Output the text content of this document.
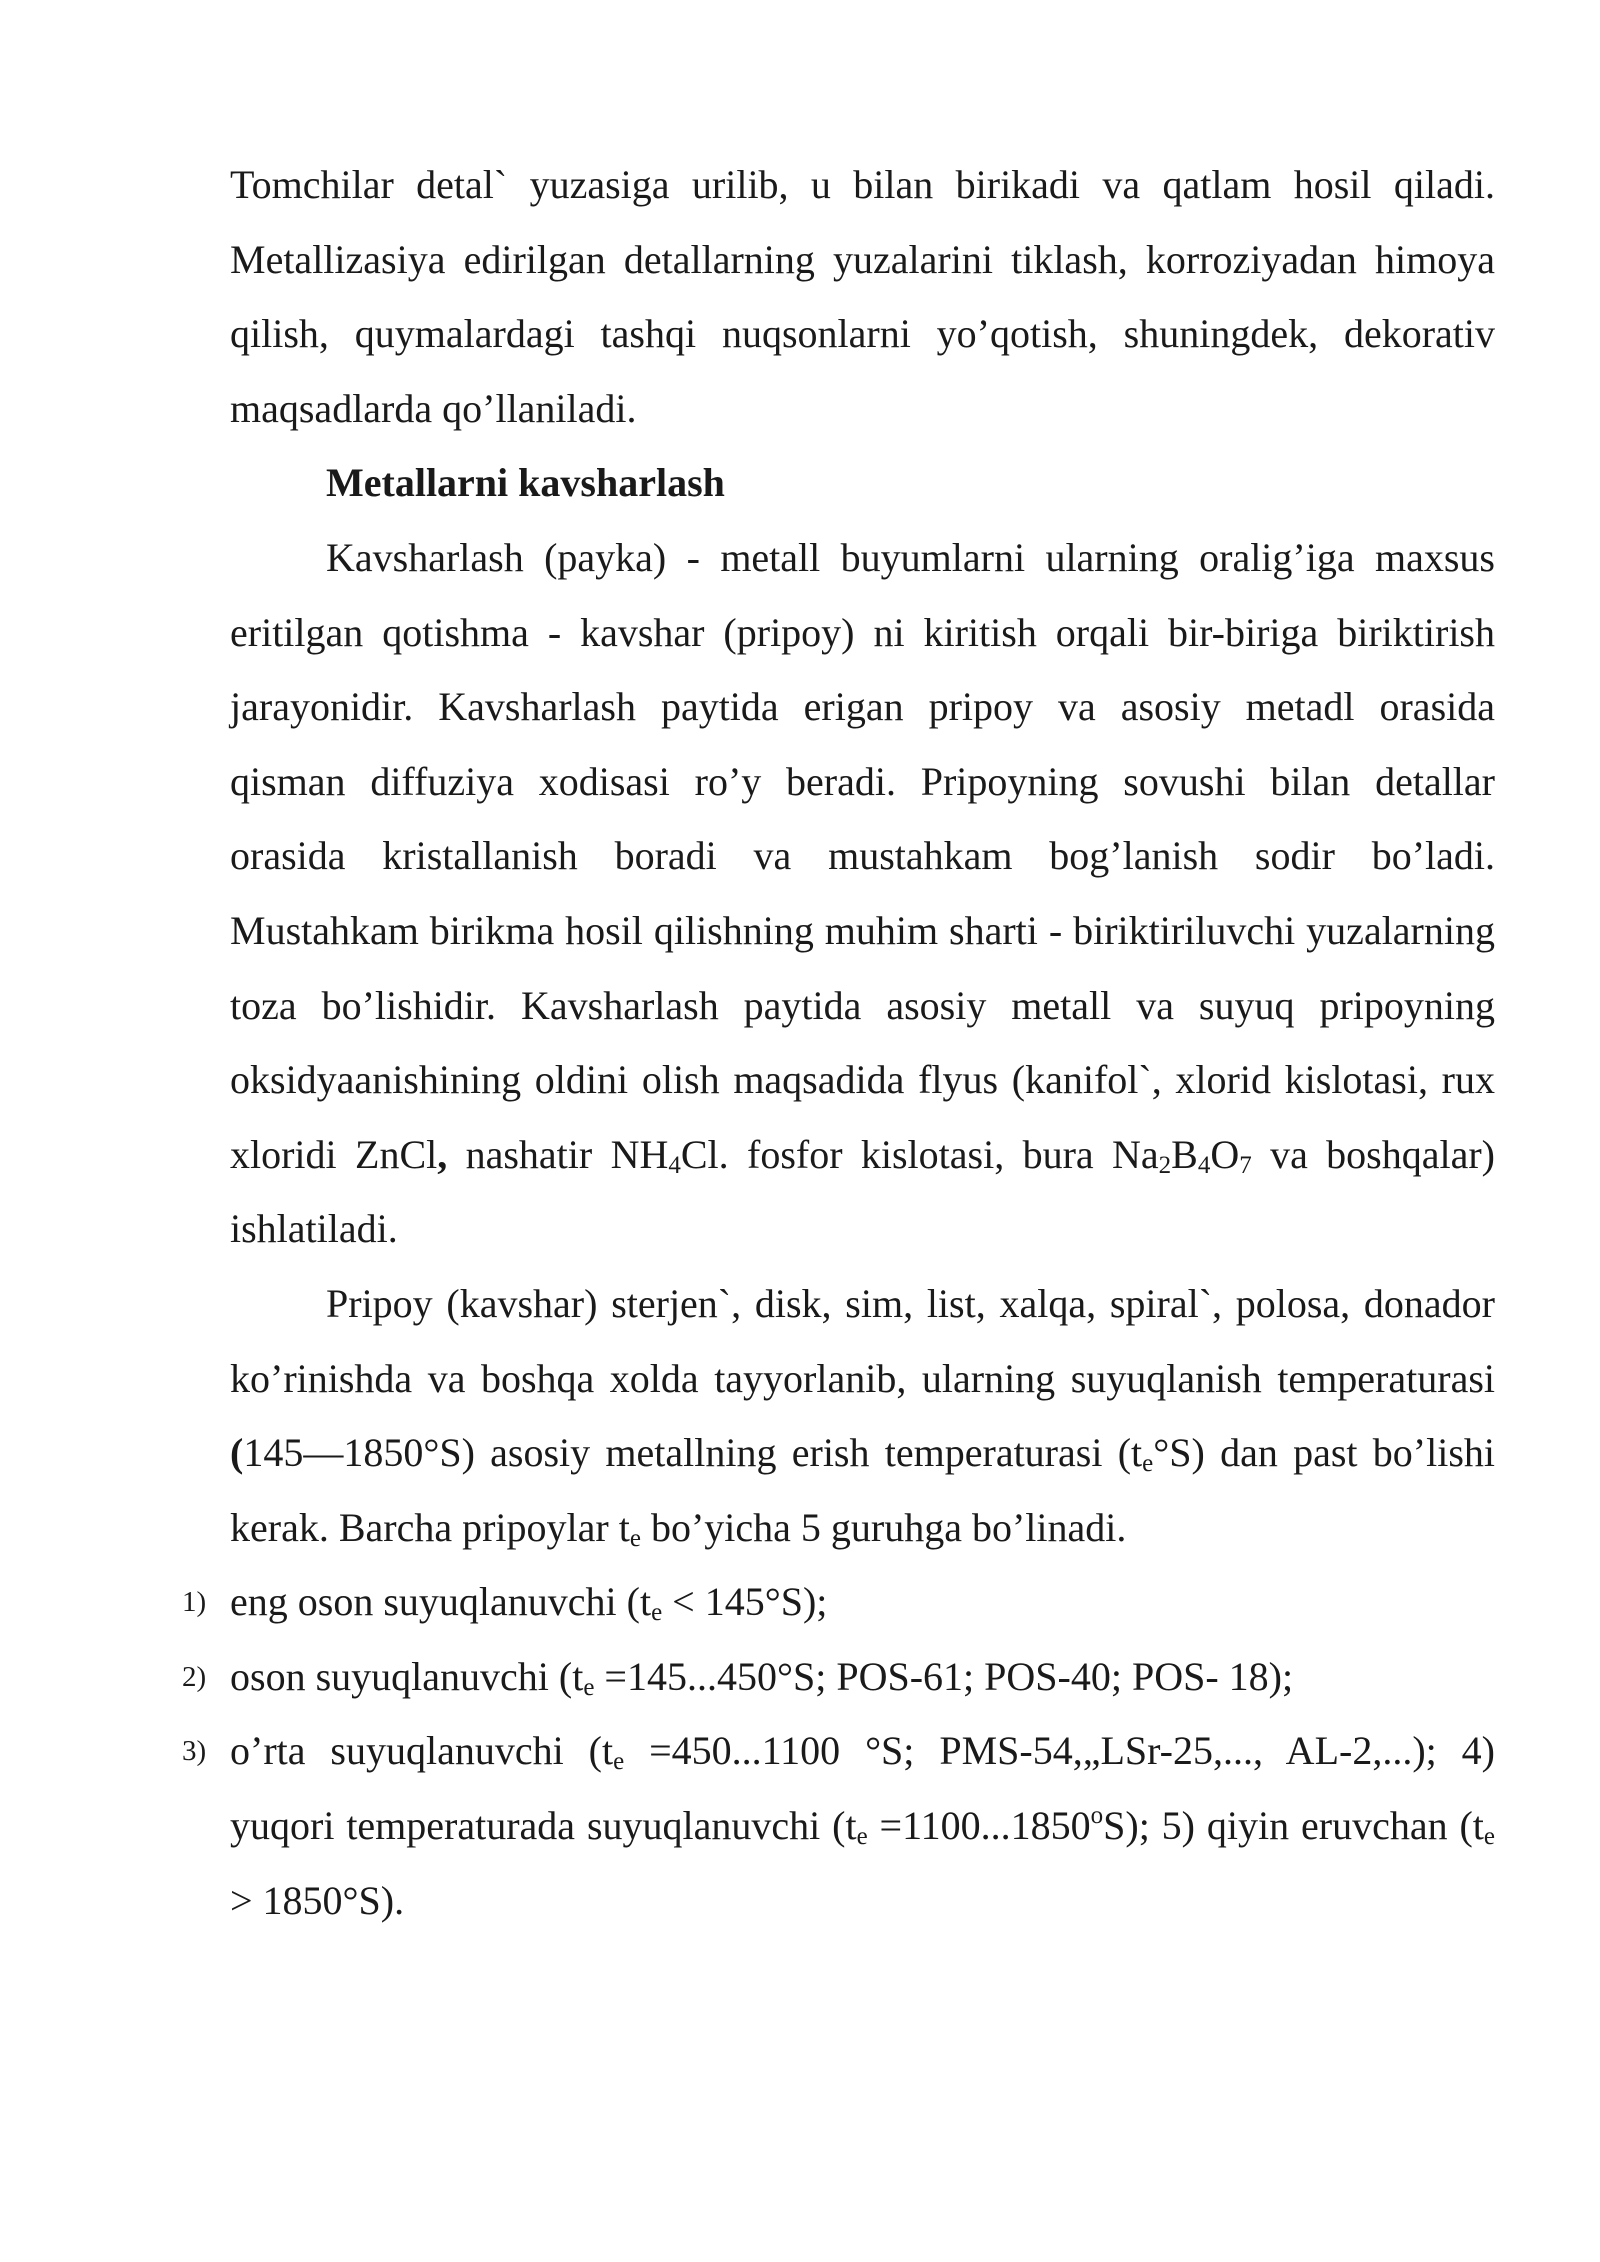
Tomchilar detal` yuzasiga urilib, u bilan birikadi va qatlam hosil qiladi. Metallizasiya edirilgan detallarning yuzalarini tiklash, korroziyadan himoya qilish, quymalardagi tashqi nuqsonlarni yo’qotish, shuningdek, dekorativ maqsadlarda qo’llaniladi.

Metallarni kavsharlash

Kavsharlash (payka) - metall buyumlarni ularning oralig’iga maxsus eritilgan qotishma - kavshar (pripoy) ni kiritish orqali bir-biriga biriktirish jarayonidir. Kavsharlash paytida erigan pripoy va asosiy metadl orasida qisman diffuziya xodisasi ro’y beradi. Pripoyning sovushi bilan detallar orasida kristallanish boradi va mustahkam bog’lanish sodir bo’ladi. Mustahkam birikma hosil qilishning muhim sharti - biriktiriluvchi yuzalarning toza bo’lishidir. Kavsharlash paytida asosiy metall va suyuq pripoyning oksidyaanishining oldini olish maqsadida flyus (kanifol`, xlorid kislotasi, rux xloridi ZnCl, nashatir $NH_4Cl$. fosfor kislotasi, bura $Na_2B_4O_7$ va boshqalar) ishlatiladi.

Pripoy (kavshar) sterjen`, disk, sim, list, xalqa, spiral`, polosa, donador ko’rinishda va boshqa xolda tayyorlanib, ularning suyuqlanish temperaturasi (145—1850°S) asosiy metallning erish temperaturasi $(t_e^\circ S)$ dan past bo’lishi kerak. Barcha pripoylar $t_e$ bo’yicha 5 guruhga bo’linadi.

1) eng oson suyuqlanuvchi $(t_e < 145^\circ S)$;
2) oson suyuqlanuvchi ($t_e =145...450^\circ S$; POS-61; POS-40; POS- 18);
3) o’rta suyuqlanuvchi ($t_e =450...1100$ °S; PMS-54,„LSr-25,..., AL-2,...); 4) yuqori temperaturada suyuqlanuvchi $(t_e =1100...1850^oS)$; 5) qiyin eruvchan $(t_e > 1850^\circ S)$.
